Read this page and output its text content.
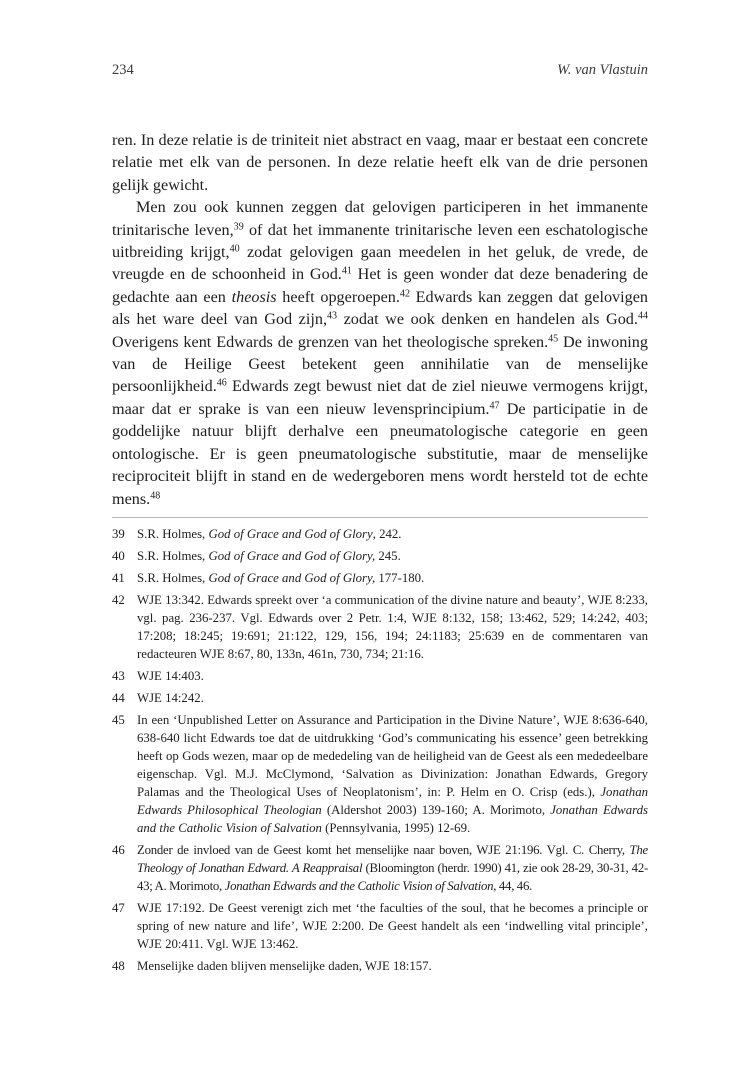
234	W. van Vlastuin

ren. In deze relatie is de triniteit niet abstract en vaag, maar er bestaat een concrete relatie met elk van de personen. In deze relatie heeft elk van de drie personen gelijk gewicht.

Men zou ook kunnen zeggen dat gelovigen participeren in het immanente trinitarische leven,$^{39}$ of dat het immanente trinitarische leven een eschatologische uitbreiding krijgt,$^{40}$ zodat gelovigen gaan meedelen in het geluk, de vrede, de vreugde en de schoonheid in God.$^{41}$ Het is geen wonder dat deze benadering de gedachte aan een theosis heeft opgeroepen.$^{42}$ Edwards kan zeggen dat gelovigen als het ware deel van God zijn,$^{43}$ zodat we ook denken en handelen als God.$^{44}$ Overigens kent Edwards de grenzen van het theologische spreken.$^{45}$ De inwoning van de Heilige Geest betekent geen annihilatie van de menselijke persoonlijkheid.$^{46}$ Edwards zegt bewust niet dat de ziel nieuwe vermogens krijgt, maar dat er sprake is van een nieuw levensprincipium.$^{47}$ De participatie in de goddelijke natuur blijft derhalve een pneumatologische categorie en geen ontologische. Er is geen pneumatologische substitutie, maar de menselijke reciprociteit blijft in stand en de wedergeboren mens wordt hersteld tot de echte mens.$^{48}$

39 S.R. Holmes, God of Grace and God of Glory, 242.
40 S.R. Holmes, God of Grace and God of Glory, 245.
41 S.R. Holmes, God of Grace and God of Glory, 177-180.
42 WJE 13:342. Edwards spreekt over ‘a communication of the divine nature and beauty’, WJE 8:233, vgl. pag. 236-237. Vgl. Edwards over 2 Petr. 1:4, WJE 8:132, 158; 13:462, 529; 14:242, 403; 17:208; 18:245; 19:691; 21:122, 129, 156, 194; 24:1183; 25:639 en de commentaren van redacteuren WJE 8:67, 80, 133n, 461n, 730, 734; 21:16.
43 WJE 14:403.
44 WJE 14:242.
45 In een ‘Unpublished Letter on Assurance and Participation in the Divine Nature’, WJE 8:636-640, 638-640 licht Edwards toe dat de uitdrukking ‘God’s communicating his essence’ geen betrekking heeft op Gods wezen, maar op de mededeling van de heiligheid van de Geest als een mededeelbare eigenschap. Vgl. M.J. McClymond, ‘Salvation as Divinization: Jonathan Edwards, Gregory Palamas and the Theological Uses of Neoplatonism’, in: P. Helm en O. Crisp (eds.), Jonathan Edwards Philosophical Theologian (Aldershot 2003) 139-160; A. Morimoto, Jonathan Edwards and the Catholic Vision of Salvation (Pennsylvania, 1995) 12-69.
46 Zonder de invloed van de Geest komt het menselijke naar boven, WJE 21:196. Vgl. C. Cherry, The Theology of Jonathan Edward. A Reappraisal (Bloomington (herdr. 1990) 41, zie ook 28-29, 30-31, 42-43; A. Morimoto, Jonathan Edwards and the Catholic Vision of Salvation, 44, 46.
47 WJE 17:192. De Geest verenigt zich met ‘the faculties of the soul, that he becomes a principle or spring of new nature and life’, WJE 2:200. De Geest handelt als een ‘indwelling vital principle’, WJE 20:411. Vgl. WJE 13:462.
48 Menselijke daden blijven menselijke daden, WJE 18:157.
